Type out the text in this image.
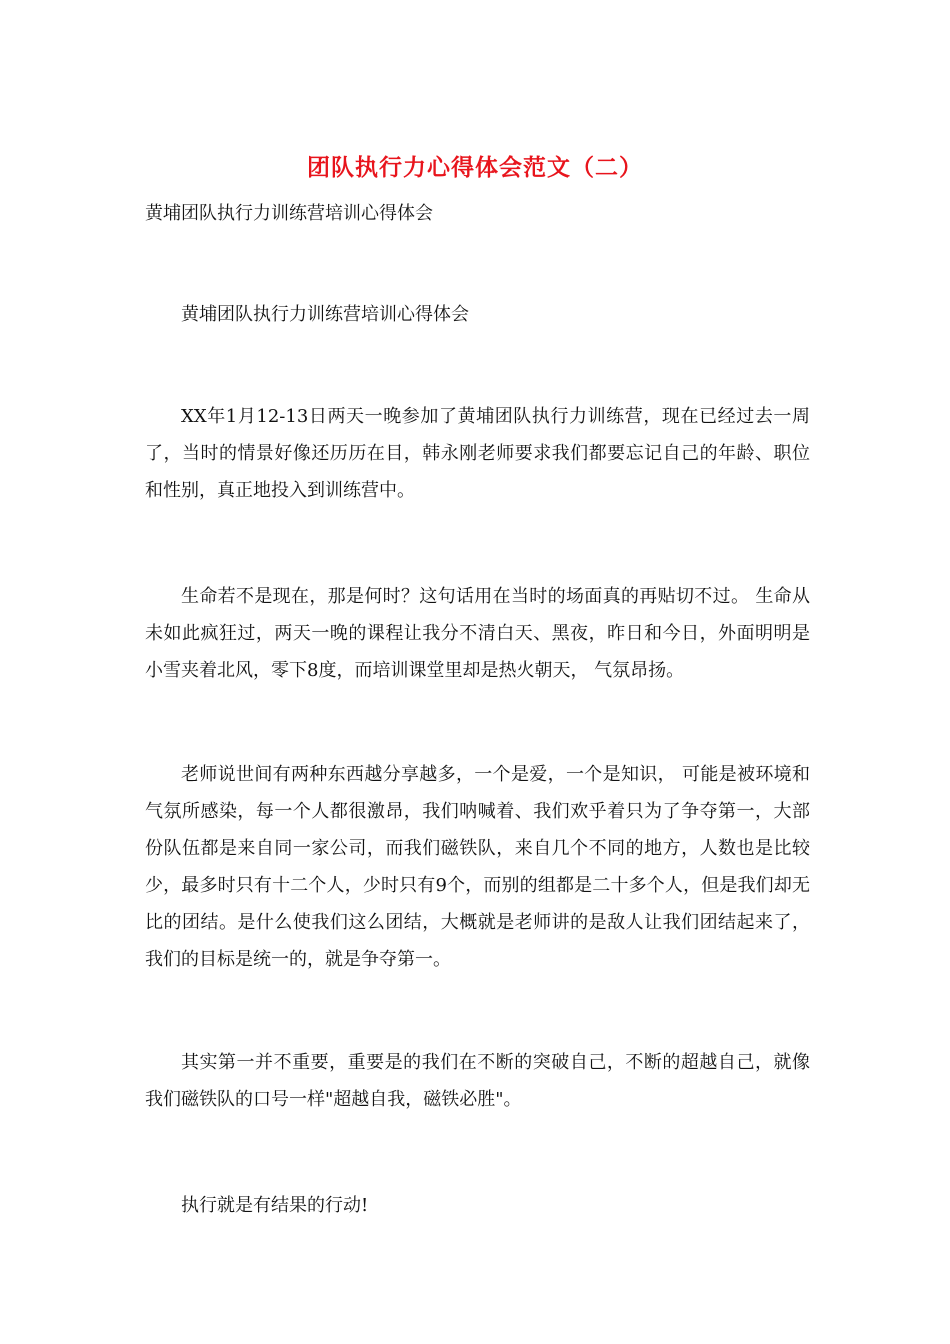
团队执行力心得体会范文（二）

黄埔团队执行力训练营培训心得体会

黄埔团队执行力训练营培训心得体会

XX年1月12-13日两天一晚参加了黄埔团队执行力训练营，现在已经过去一周了，当时的情景好像还历历在目，韩永刚老师要求我们都要忘记自己的年龄、职位和性别，真正地投入到训练营中。

生命若不是现在，那是何时？这句话用在当时的场面真的再贴切不过。 生命从未如此疯狂过，两天一晚的课程让我分不清白天、黑夜，昨日和今日，外面明明是小雪夹着北风，零下8度，而培训课堂里却是热火朝天， 气氛昂扬。

老师说世间有两种东西越分享越多，一个是爱，一个是知识， 可能是被环境和气氛所感染，每一个人都很激昂，我们呐喊着、我们欢乎着只为了争夺第一，大部份队伍都是来自同一家公司，而我们磁铁队，来自几个不同的地方，人数也是比较少，最多时只有十二个人，少时只有9个，而别的组都是二十多个人，但是我们却无比的团结。是什么使我们这么团结，大概就是老师讲的是敌人让我们团结起来了，我们的目标是统一的，就是争夺第一。

其实第一并不重要，重要是的我们在不断的突破自己，不断的超越自己，就像我们磁铁队的口号一样"超越自我，磁铁必胜"。

执行就是有结果的行动!
